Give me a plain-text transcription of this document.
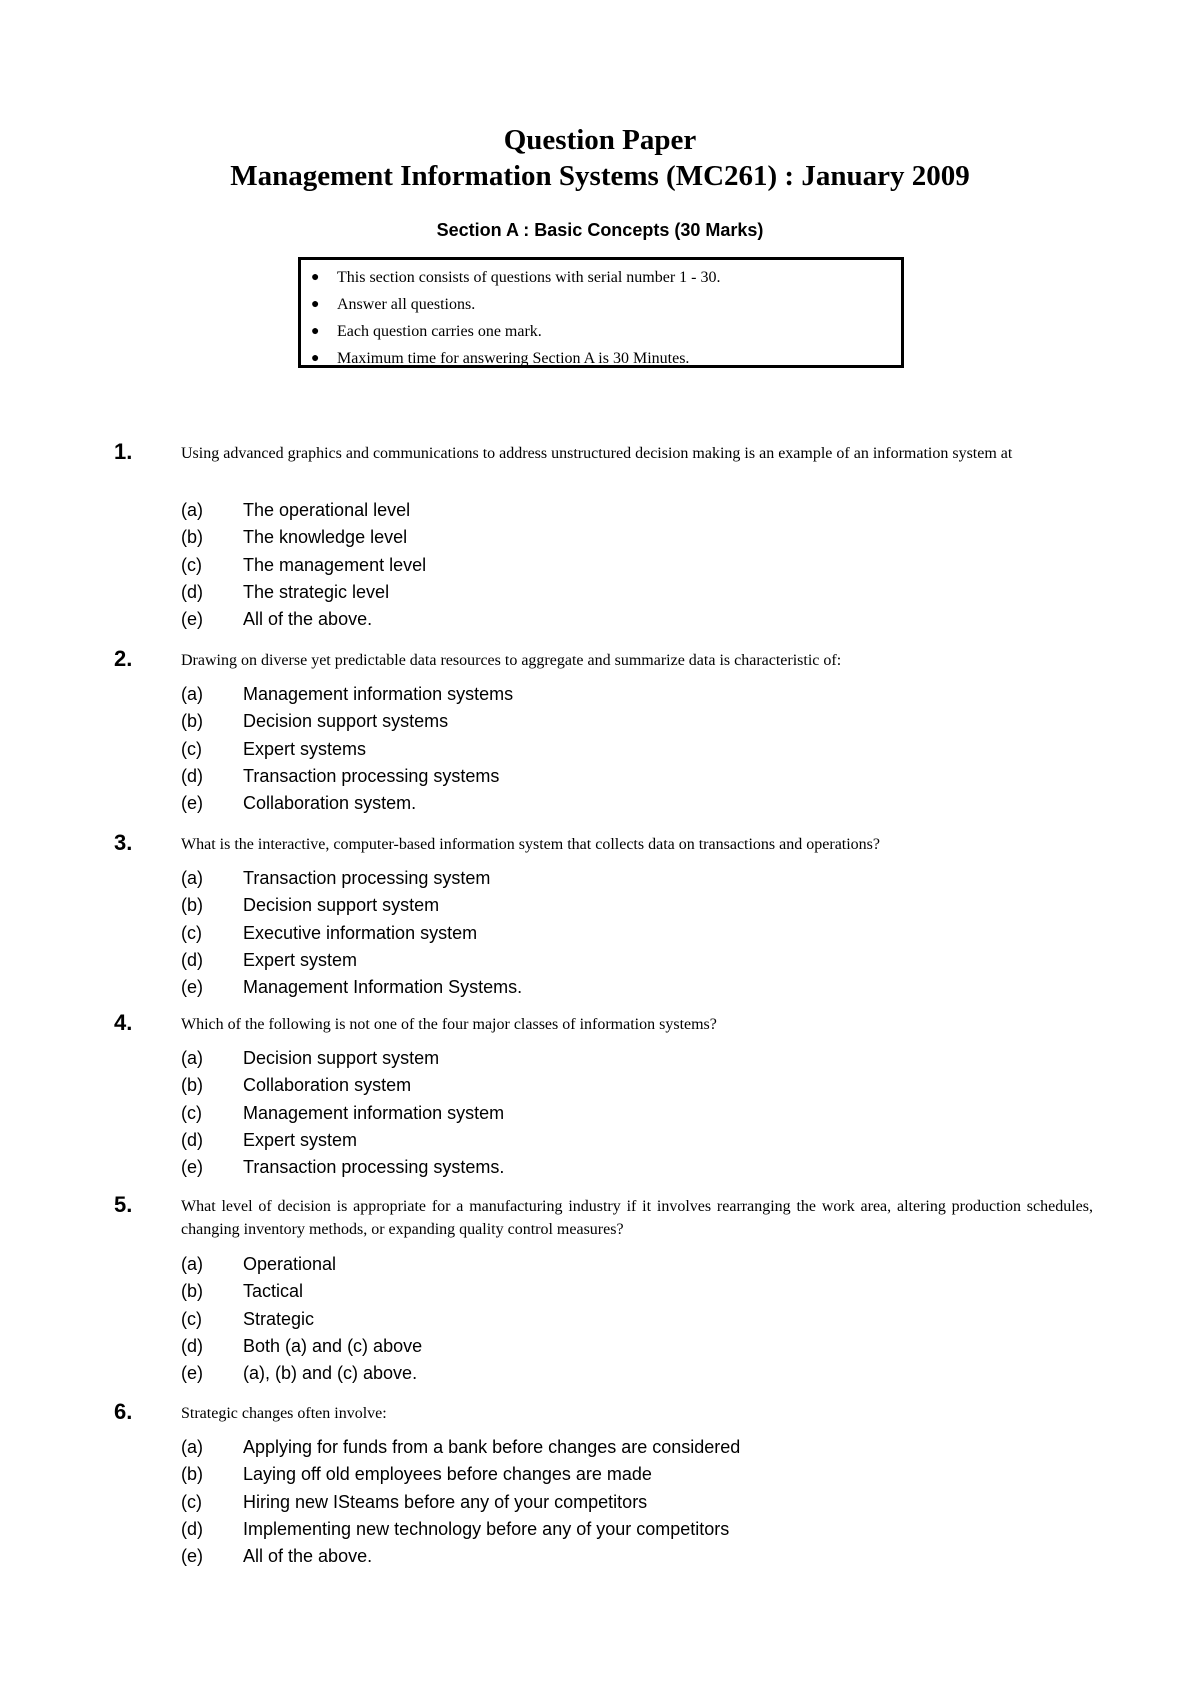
Question Paper
Management Information Systems (MC261) : January 2009
Section A : Basic Concepts (30 Marks)
● This section consists of questions with serial number 1 - 30.
● Answer all questions.
● Each question carries one mark.
● Maximum time for answering Section A is 30 Minutes.
1.	Using advanced graphics and communications to address unstructured decision making is an example of an information system at
(a) The operational level
(b) The knowledge level
(c) The management level
(d) The strategic level
(e) All of the above.
2.	Drawing on diverse yet predictable data resources to aggregate and summarize data is characteristic of:
(a) Management information systems
(b) Decision support systems
(c) Expert systems
(d) Transaction processing systems
(e) Collaboration system.
3.	What is the interactive, computer-based information system that collects data on transactions and operations?
(a) Transaction processing system
(b) Decision support system
(c) Executive information system
(d) Expert system
(e) Management Information Systems.
4.	Which of the following is not one of the four major classes of information systems?
(a) Decision support system
(b) Collaboration system
(c) Management information system
(d) Expert system
(e) Transaction processing systems.
5.	What level of decision is appropriate for a manufacturing industry if it involves rearranging the work area, altering production schedules, changing inventory methods, or expanding quality control measures?
(a) Operational
(b) Tactical
(c) Strategic
(d) Both (a) and (c) above
(e) (a), (b) and (c) above.
6.	Strategic changes often involve:
(a) Applying for funds from a bank before changes are considered
(b) Laying off old employees before changes are made
(c) Hiring new ISteams before any of your competitors
(d) Implementing new technology before any of your competitors
(e) All of the above.
